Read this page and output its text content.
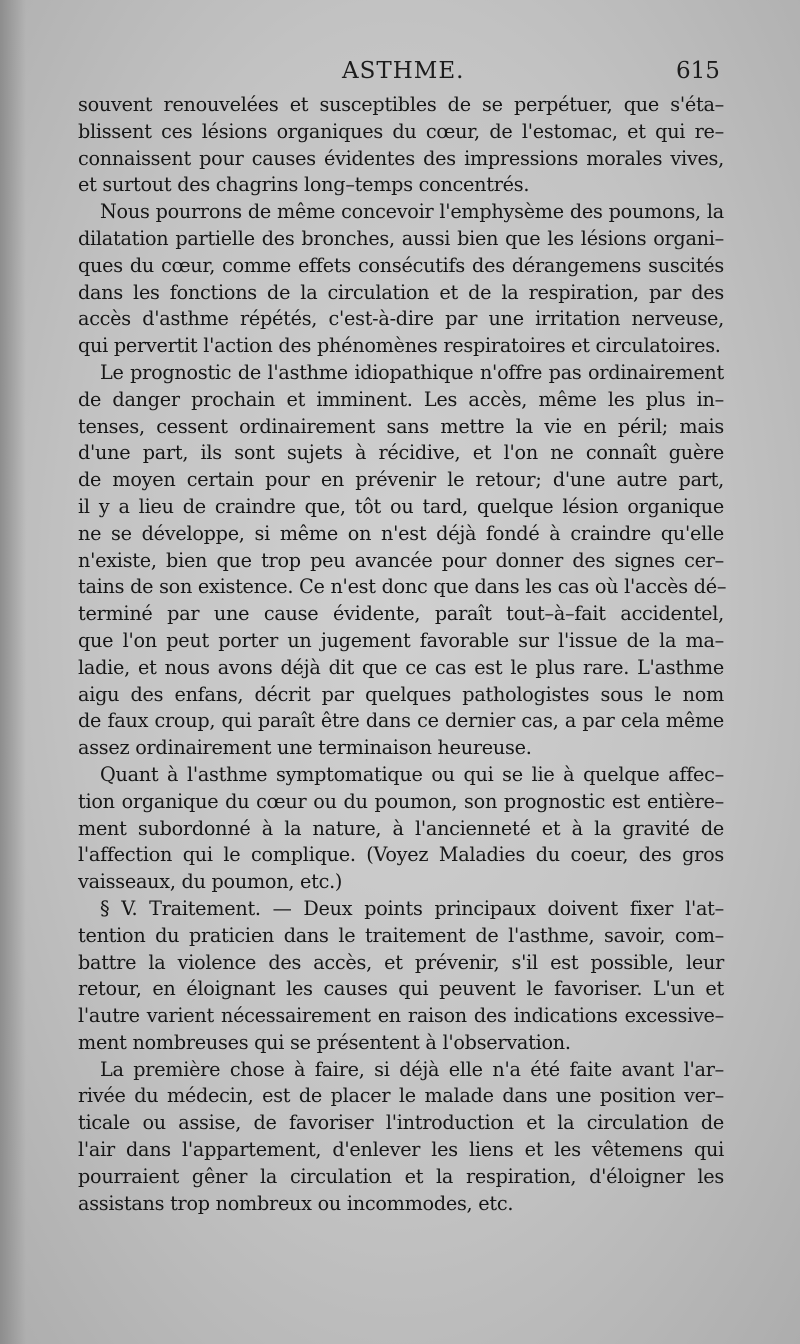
ASTHME.	615
souvent renouvelées et susceptibles de se perpétuer, que s'éta–
blissent ces lésions organiques du cœur, de l'estomac, et qui re–
connaissent pour causes évidentes des impressions morales vives,
et surtout des chagrins long–temps concentrés.
Nous pourrons de même concevoir l'emphysème des poumons, la
dilatation partielle des bronches, aussi bien que les lésions organi–
ques du cœur, comme effets consécutifs des dérangemens suscités
dans les fonctions de la circulation et de la respiration, par des
accès d'asthme répétés, c'est-à-dire par une irritation nerveuse,
qui pervertit l'action des phénomènes respiratoires et circulatoires.
Le prognostic de l'asthme idiopathique n'offre pas ordinairement
de danger prochain et imminent. Les accès, même les plus in–
tenses, cessent ordinairement sans mettre la vie en péril; mais
d'une part, ils sont sujets à récidive, et l'on ne connaît guère
de moyen certain pour en prévenir le retour; d'une autre part,
il y a lieu de craindre que, tôt ou tard, quelque lésion organique
ne se développe, si même on n'est déjà fondé à craindre qu'elle
n'existe, bien que trop peu avancée pour donner des signes cer–
tains de son existence. Ce n'est donc que dans les cas où l'accès dé–
terminé par une cause évidente, paraît tout–à–fait accidentel,
que l'on peut porter un jugement favorable sur l'issue de la ma–
ladie, et nous avons déjà dit que ce cas est le plus rare. L'asthme
aigu des enfans, décrit par quelques pathologistes sous le nom
de faux croup, qui paraît être dans ce dernier cas, a par cela même
assez ordinairement une terminaison heureuse.
Quant à l'asthme symptomatique ou qui se lie à quelque affec–
tion organique du cœur ou du poumon, son prognostic est entière–
ment subordonné à la nature, à l'ancienneté et à la gravité de
l'affection qui le complique. (Voyez Maladies du coeur, des gros
vaisseaux, du poumon, etc.)
§ V. Traitement. — Deux points principaux doivent fixer l'at–
tention du praticien dans le traitement de l'asthme, savoir, com–
battre la violence des accès, et prévenir, s'il est possible, leur
retour, en éloignant les causes qui peuvent le favoriser. L'un et
l'autre varient nécessairement en raison des indications excessive–
ment nombreuses qui se présentent à l'observation.
La première chose à faire, si déjà elle n'a été faite avant l'ar–
rivée du médecin, est de placer le malade dans une position ver–
ticale ou assise, de favoriser l'introduction et la circulation de
l'air dans l'appartement, d'enlever les liens et les vêtemens qui
pourraient gêner la circulation et la respiration, d'éloigner les
assistans trop nombreux ou incommodes, etc.
